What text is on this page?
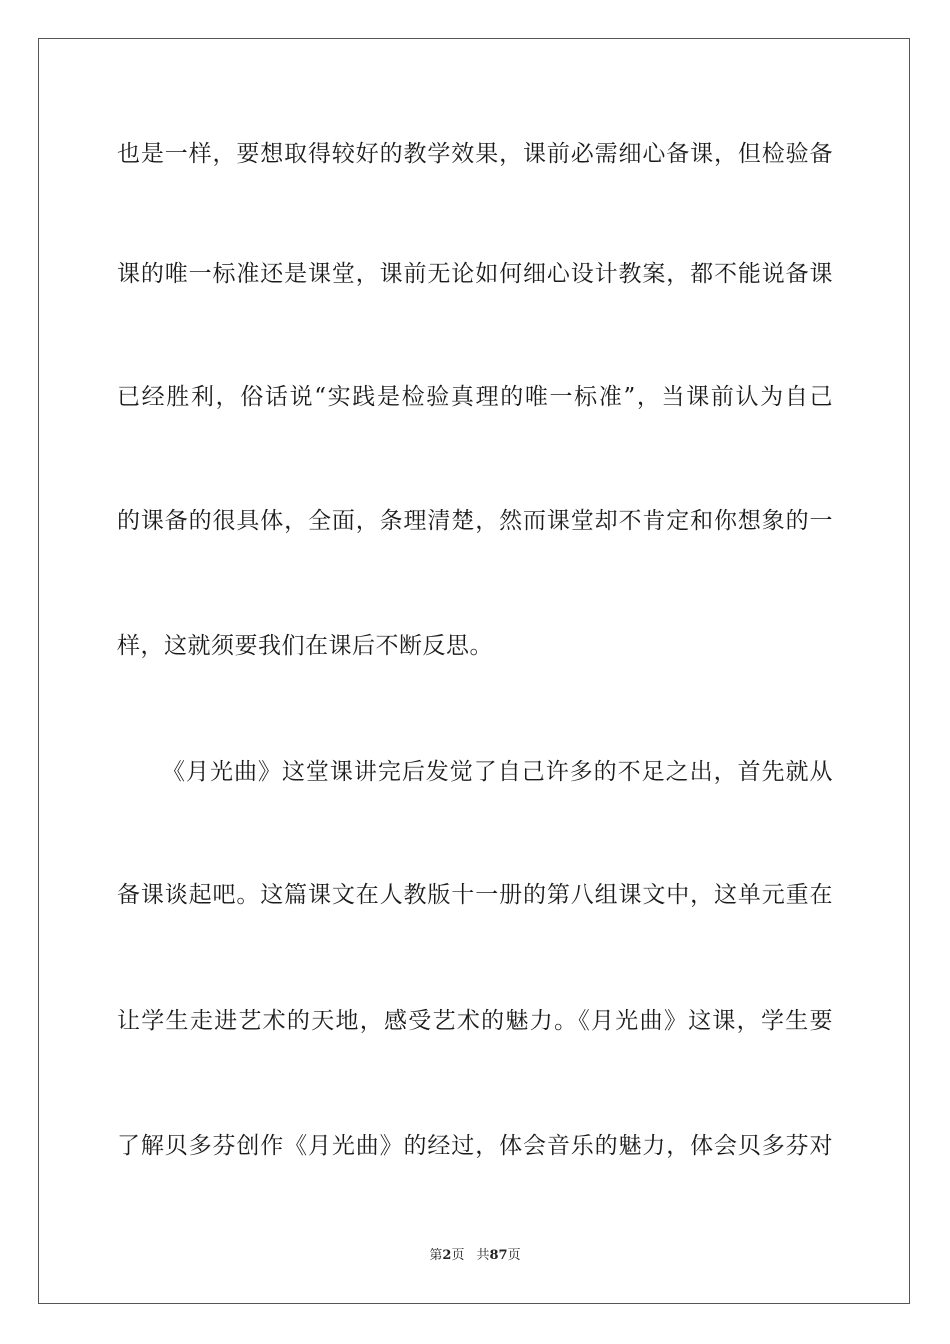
也是一样，要想取得较好的教学效果，课前必需细心备课，但检验备
课的唯一标准还是课堂，课前无论如何细心设计教案，都不能说备课
已经胜利，俗话说“实践是检验真理的唯一标准”，当课前认为自己
的课备的很具体，全面，条理清楚，然而课堂却不肯定和你想象的一
样，这就须要我们在课后不断反思。
《月光曲》这堂课讲完后发觉了自己许多的不足之出，首先就从
备课谈起吧。这篇课文在人教版十一册的第八组课文中，这单元重在
让学生走进艺术的天地，感受艺术的魅力。《月光曲》这课，学生要
了解贝多芬创作《月光曲》的经过，体会音乐的魅力，体会贝多芬对
第2页 共87页
